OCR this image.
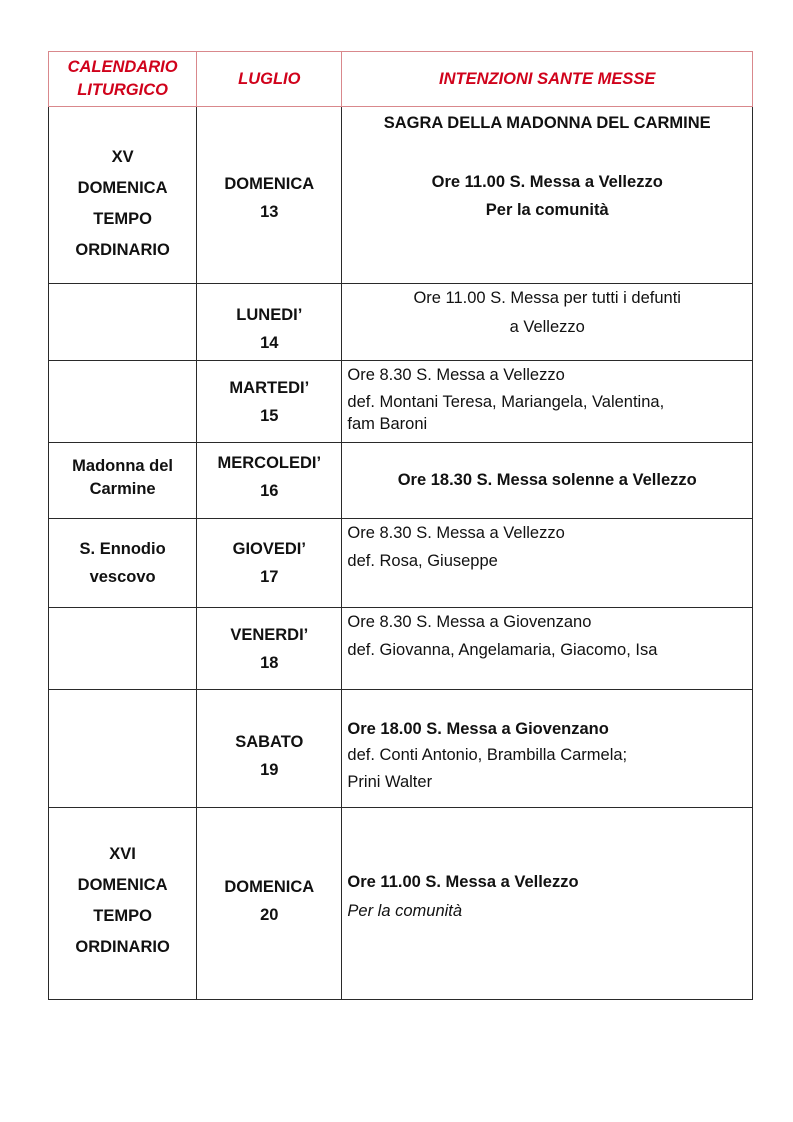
CALENDARIO
LITURGICO	LUGLIO	INTENZIONI SANTE MESSE

XV
DOMENICA
TEMPO
ORDINARIO	DOMENICA
13	SAGRA DELLA MADONNA DEL CARMINE
Ore 11.00 S. Messa a Vellezzo
Per la comunità

	LUNEDI’
14	Ore 11.00 S. Messa per tutti i defunti
a Vellezzo

	MARTEDI’
15	Ore 8.30 S. Messa a Vellezzo
def. Montani Teresa, Mariangela, Valentina,
fam Baroni

Madonna del
Carmine	MERCOLEDI’
16	Ore 18.30 S. Messa solenne a Vellezzo

S. Ennodio
vescovo	GIOVEDI’
17	Ore 8.30 S. Messa a Vellezzo
def. Rosa, Giuseppe

	VENERDI’
18	Ore 8.30 S. Messa a Giovenzano
def. Giovanna, Angelamaria, Giacomo, Isa

	SABATO
19	Ore 18.00 S. Messa a Giovenzano
def. Conti Antonio, Brambilla Carmela;
Prini Walter

XVI
DOMENICA
TEMPO
ORDINARIO	DOMENICA
20	Ore 11.00 S. Messa a Vellezzo
Per la comunità
